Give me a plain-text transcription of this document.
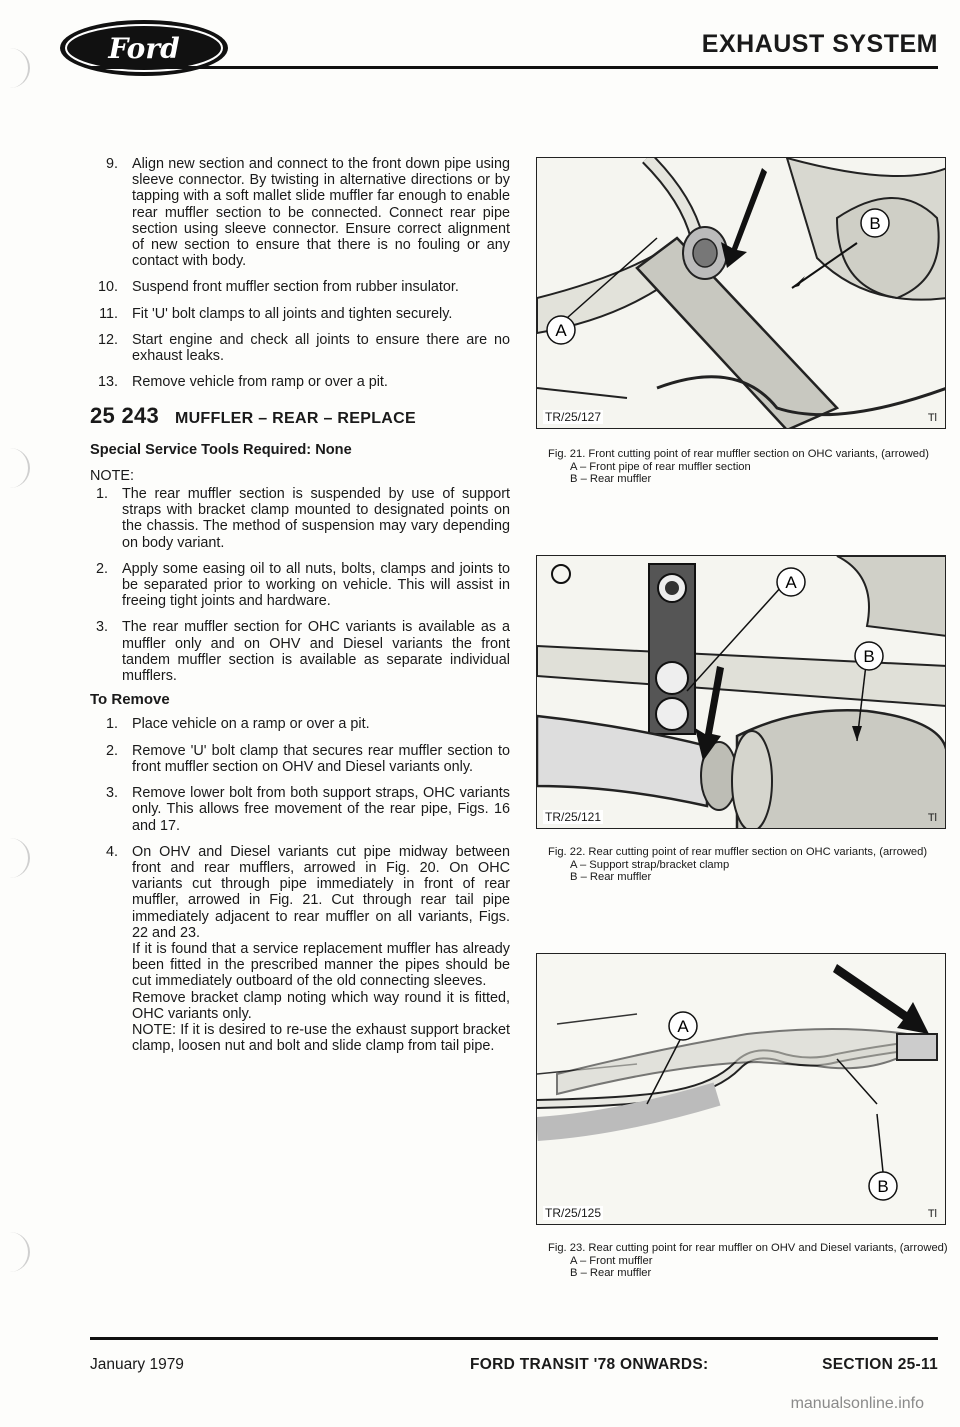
Ford	EXHAUST SYSTEM
9. Align new section and connect to the front down pipe using sleeve connector. By twisting in alternative directions or by tapping with a soft mallet slide muffler far enough to enable rear muffler section to be connected. Connect rear pipe section using sleeve connector. Ensure correct alignment of new section to ensure that there is no fouling or any contact with body.

10. Suspend front muffler section from rubber insulator.

11. Fit 'U' bolt clamps to all joints and tighten securely.

12. Start engine and check all joints to ensure there are no exhaust leaks.

13. Remove vehicle from ramp or over a pit.

25 243 MUFFLER – REAR – REPLACE
Special Service Tools Required: None
NOTE:
1. The rear muffler section is suspended by use of support straps with bracket clamp mounted to designated points on the chassis. The method of suspension may vary depending on body variant.

2. Apply some easing oil to all nuts, bolts, clamps and joints to be separated prior to working on vehicle. This will assist in freeing tight joints and hardware.

3. The rear muffler section for OHC variants is available as a muffler only and on OHV and Diesel variants the front tandem muffler section is available as separate individual mufflers.

To Remove
1. Place vehicle on a ramp or over a pit.

2. Remove 'U' bolt clamp that secures rear muffler section to front muffler section on OHV and Diesel variants only.

3. Remove lower bolt from both support straps, OHC variants only. This allows free movement of the rear pipe, Figs. 16 and 17.

4. On OHV and Diesel variants cut pipe midway between front and rear mufflers, arrowed in Fig. 20. On OHC variants cut through pipe immediately in front of rear muffler, arrowed in Fig. 21. Cut through rear tail pipe immediately adjacent to rear muffler on all variants, Figs. 22 and 23.

If it is found that a service replacement muffler has already been fitted in the prescribed manner the pipes should be cut immediately outboard of the old connecting sleeves.

Remove bracket clamp noting which way round it is fitted, OHC variants only.

NOTE: If it is desired to re-use the exhaust support bracket clamp, loosen nut and bolt and slide clamp from tail pipe.

B
A
TR/25/127	Tl
Fig. 21. Front cutting point of rear muffler section on OHC variants, (arrowed)
A – Front pipe of rear muffler section
B – Rear muffler
A
B
TR/25/121	Tl
Fig. 22. Rear cutting point of rear muffler section on OHC variants, (arrowed)
A – Support strap/bracket clamp
B – Rear muffler
A
B
TR/25/125	Tl
Fig. 23. Rear cutting point for rear muffler on OHV and Diesel variants, (arrowed)
A – Front muffler
B – Rear muffler
January 1979	FORD TRANSIT '78 ONWARDS:	SECTION 25-11
manualsonline.info
